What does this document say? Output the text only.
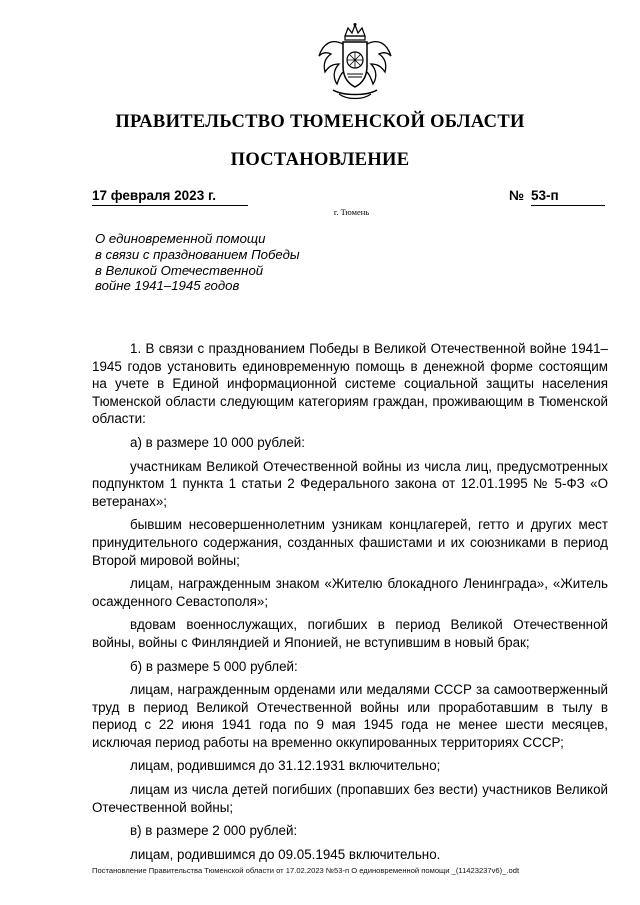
ПРАВИТЕЛЬСТВО ТЮМЕНСКОЙ ОБЛАСТИ
ПОСТАНОВЛЕНИЕ
17 февраля 2023 г.	№ 53-п
г. Тюмень
О единовременной помощи
в связи с празднованием Победы
в Великой Отечественной
войне 1941–1945 годов

1. В связи с празднованием Победы в Великой Отечественной войне 1941–1945 годов установить единовременную помощь в денежной форме состоящим на учете в Единой информационной системе социальной защиты населения Тюменской области следующим категориям граждан, проживающим в Тюменской области:

а) в размере 10 000 рублей:

участникам Великой Отечественной войны из числа лиц, предусмотренных подпунктом 1 пункта 1 статьи 2 Федерального закона от 12.01.1995 № 5-ФЗ «О ветеранах»;

бывшим несовершеннолетним узникам концлагерей, гетто и других мест принудительного содержания, созданных фашистами и их союзниками в период Второй мировой войны;

лицам, награжденным знаком «Жителю блокадного Ленинграда», «Житель осажденного Севастополя»;

вдовам военнослужащих, погибших в период Великой Отечественной войны, войны с Финляндией и Японией, не вступившим в новый брак;

б) в размере 5 000 рублей:

лицам, награжденным орденами или медалями СССР за самоотверженный труд в период Великой Отечественной войны или проработавшим в тылу в период с 22 июня 1941 года по 9 мая 1945 года не менее шести месяцев, исключая период работы на временно оккупированных территориях СССР;

лицам, родившимся до 31.12.1931 включительно;

лицам из числа детей погибших (пропавших без вести) участников Великой Отечественной войны;

в) в размере 2 000 рублей:

лицам, родившимся до 09.05.1945 включительно.

Постановление Правительства Тюменской области от 17.02.2023 №53-п О единовременной помощи _(11423237v6)_.odt
